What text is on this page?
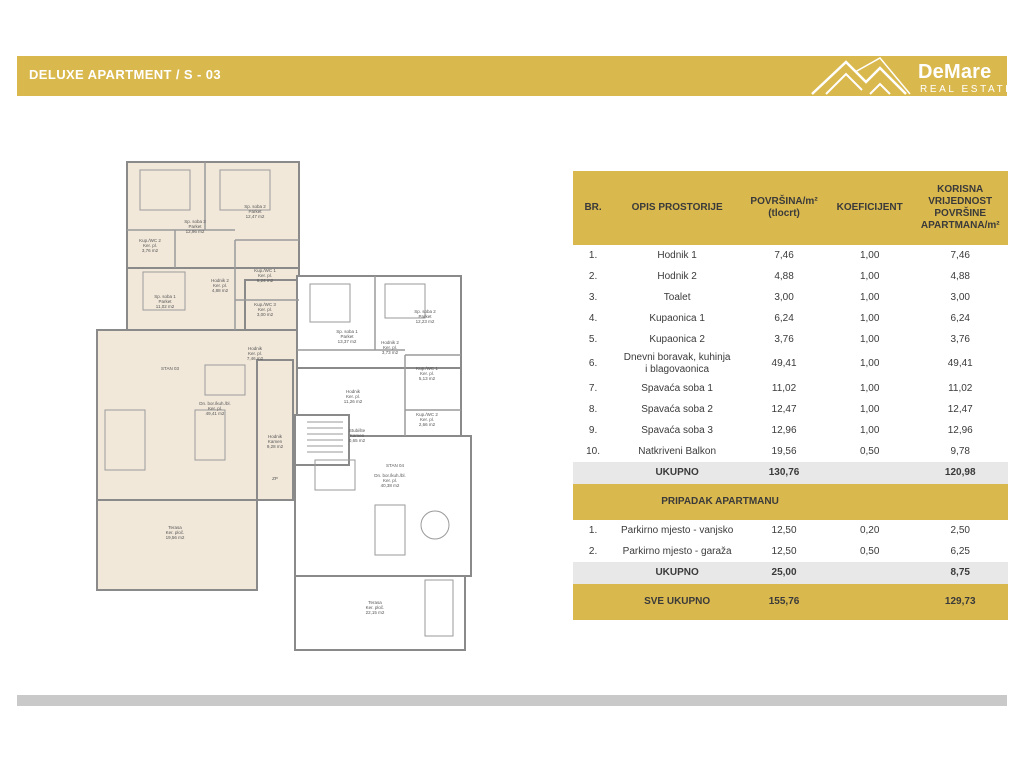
DELUXE APARTMENT / S - 03	DeMare
REAL ESTATE
Sp. soba 3
Parket
12,96 m2
Sp. soba 2
Parket
12,47 m2
Kup./WC 2
Ker. pl.
3,76 m2
Hodnik 2
Ker. pl.
4,88 m2
Kup./WC 1
Ker. pl.
6,24 m2
Sp. soba 1
Parket
11,02 m2	Kup./WC 3
Ker. pl.
3,00 m2
Hodnik
Ker. pl.
7,46 m2
STAN 03
Dn. bor./kuh./bl.
Ker. pl.
49,41 m2
Terasa
Ker. ploč.
19,56 m2
Hodnik
Kamen
9,28 m2
ZP
Sp. soba 1
Parket
13,37 m2
Sp. soba 2
Parket
12,23 m2
Hodnik 2
Ker. pl.
3,73 m2
Kup./WC 1
Ker. pl.
5,13 m2
Hodnik
Ker. pl.
11,26 m2
Kup./WC 2
Ker. pl.
2,66 m2
Stubište
Kamen
0,65 m2
STAN 04
Dn. bor./kuh./bl.
Ker. pl.
40,38 m2
Terasa
Ker. ploč.
22,15 m2
BR.	OPIS PROSTORIJE	POVRŠINA/m²
(tlocrt)	KOEFICIJENT	KORISNA
VRIJEDNOST
POVRŠINE
APARTMANA/m²
1.	Hodnik 1	7,46	1,00	7,46
2.	Hodnik 2	4,88	1,00	4,88
3.	Toalet	3,00	1,00	3,00
4.	Kupaonica 1	6,24	1,00	6,24
5.	Kupaonica 2	3,76	1,00	3,76
6.	Dnevni boravak, kuhinja
i blagovaonica	49,41	1,00	49,41
7.	Spavaća soba 1	11,02	1,00	11,02
8.	Spavaća soba 2	12,47	1,00	12,47
9.	Spavaća soba 3	12,96	1,00	12,96
10.	Natkriveni Balkon	19,56	0,50	9,78
	UKUPNO	130,76		120,98
	PRIPADAK APARTMANU			
1.	Parkirno mjesto - vanjsko	12,50	0,20	2,50
2.	Parkirno mjesto - garaža	12,50	0,50	6,25
	UKUPNO	25,00		8,75
	SVE UKUPNO	155,76		129,73
